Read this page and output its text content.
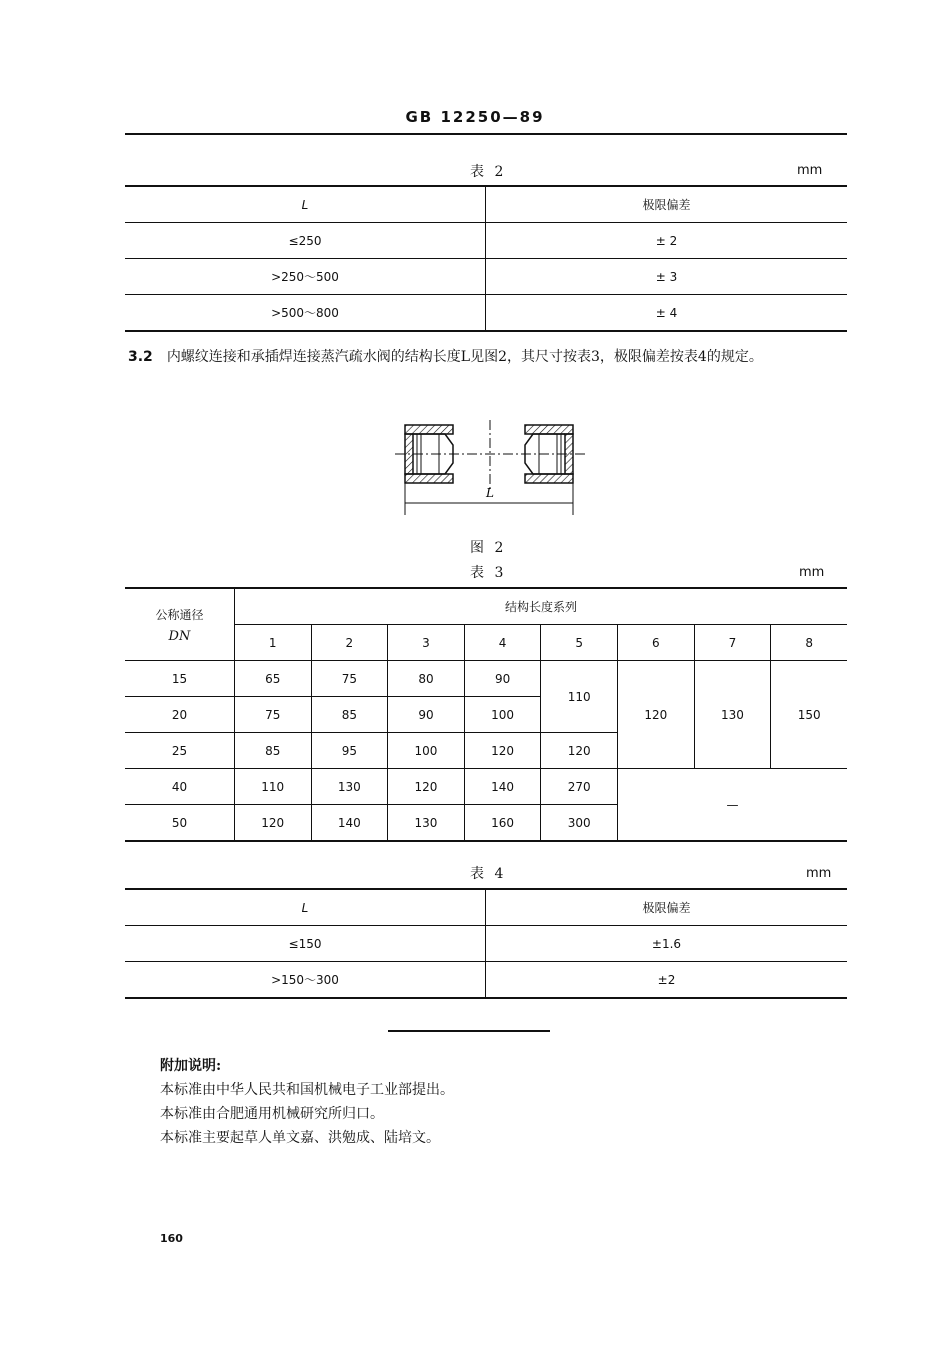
GB 12250—89
表 2	mm
L	极限偏差
≤250	± 2
>250～500	± 3
>500～800	± 4
3.2 内螺纹连接和承插焊连接蒸汽疏水阀的结构长度L见图2，其尺寸按表3，极限偏差按表4的规定。
L
图 2
表 3	mm
公称通径
DN	结构长度系列							
	1	2	3	4	5	6	7	8
15	65	75	80	90	110	120	130	150
20	75	85	90	100				
25	85	95	100	120	120			
40	110	130	120	140	270	—		
50	120	140	130	160	300			
表 4	mm
L	极限偏差
≤150	±1.6
>150～300	±2
附加说明:
本标准由中华人民共和国机械电子工业部提出。
本标准由合肥通用机械研究所归口。
本标准主要起草人单文嘉、洪勉成、陆培文。
160
